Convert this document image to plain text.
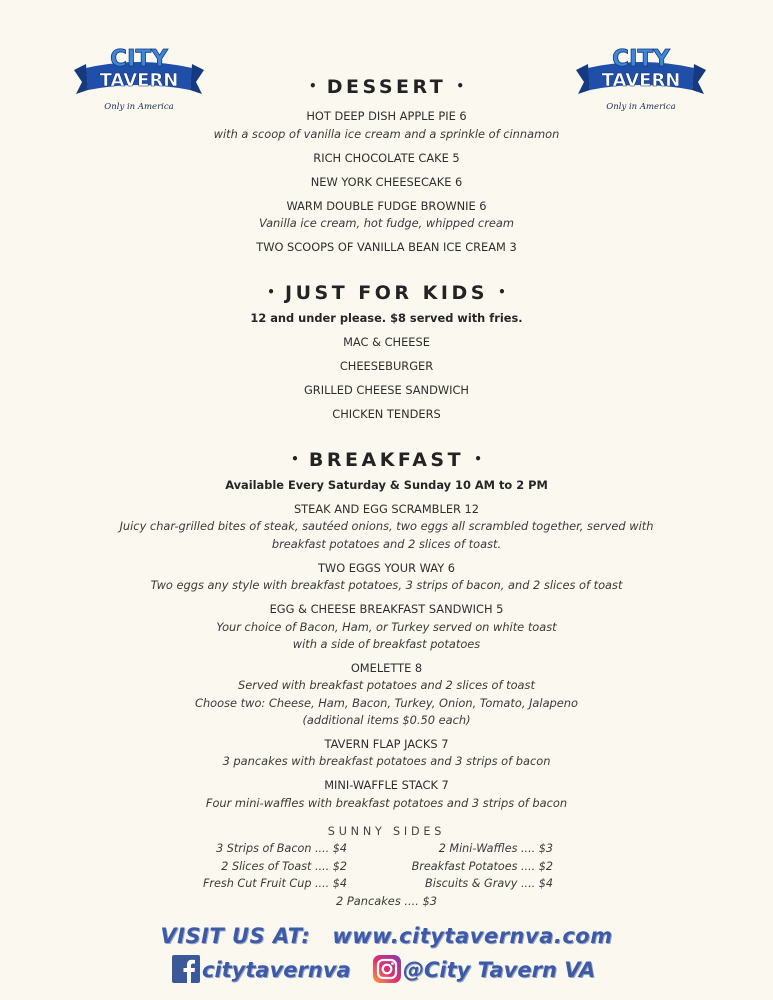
CITY
TAVERN
Only in America
CITY
TAVERN
Only in America
• DESSERT •
HOT DEEP DISH APPLE PIE 6
with a scoop of vanilla ice cream and a sprinkle of cinnamon
RICH CHOCOLATE CAKE 5
NEW YORK CHEESECAKE 6
WARM DOUBLE FUDGE BROWNIE 6
Vanilla ice cream, hot fudge, whipped cream
TWO SCOOPS OF VANILLA BEAN ICE CREAM 3
• JUST FOR KIDS •
12 and under please. $8 served with fries.
MAC & CHEESE
CHEESEBURGER
GRILLED CHEESE SANDWICH
CHICKEN TENDERS
• BREAKFAST •
Available Every Saturday & Sunday 10 AM to 2 PM
STEAK AND EGG SCRAMBLER 12
Juicy char-grilled bites of steak, sautéed onions, two eggs all scrambled together, served with
breakfast potatoes and 2 slices of toast.
TWO EGGS YOUR WAY 6
Two eggs any style with breakfast potatoes, 3 strips of bacon, and 2 slices of toast
EGG & CHEESE BREAKFAST SANDWICH 5
Your choice of Bacon, Ham, or Turkey served on white toast
with a side of breakfast potatoes
OMELETTE 8
Served with breakfast potatoes and 2 slices of toast
Choose two: Cheese, Ham, Bacon, Turkey, Onion, Tomato, Jalapeno
(additional items $0.50 each)
TAVERN FLAP JACKS 7
3 pancakes with breakfast potatoes and 3 strips of bacon
MINI-WAFFLE STACK 7
Four mini-waffles with breakfast potatoes and 3 strips of bacon
SUNNY SIDES
3 Strips of Bacon .... $4	2 Mini-Waffles .... $3
2 Slices of Toast .... $2	Breakfast Potatoes .... $2
Fresh Cut Fruit Cup .... $4	Biscuits & Gravy .... $4
2 Pancakes .... $3
VISIT US AT: www.citytavernva.com
citytavernva	@City Tavern VA
